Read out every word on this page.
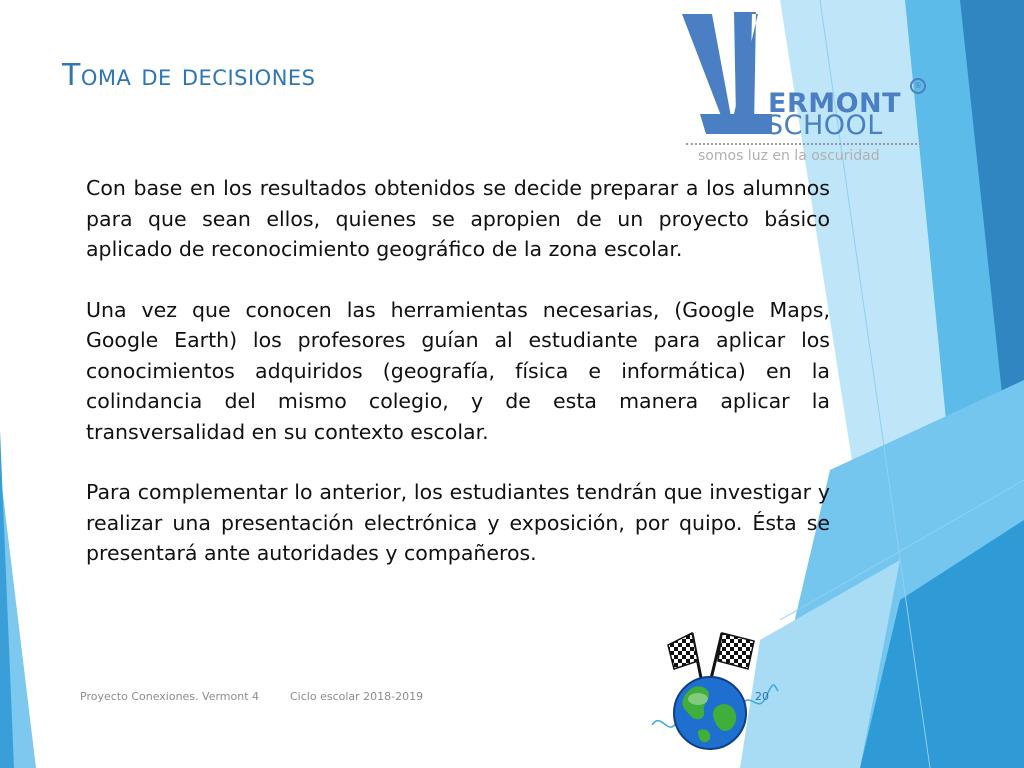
Toma de decisiones
ERMONT
SCHOOL
®
somos luz en la oscuridad

Con base en los resultados obtenidos se decide preparar a los alumnos para que sean ellos, quienes se apropien de un proyecto básico aplicado de reconocimiento geográfico de la zona escolar.

Una vez que conocen las herramientas necesarias, (Google Maps, Google Earth) los profesores guían al estudiante para aplicar los conocimientos adquiridos (geografía, física e informática) en la colindancia del mismo colegio, y de esta manera aplicar la transversalidad en su contexto escolar.

Para complementar lo anterior, los estudiantes tendrán que investigar y realizar una presentación electrónica y exposición, por quipo. Ésta se presentará ante autoridades y compañeros.

Proyecto Conexiones. Vermont 4	Ciclo escolar 2018-2019	20
